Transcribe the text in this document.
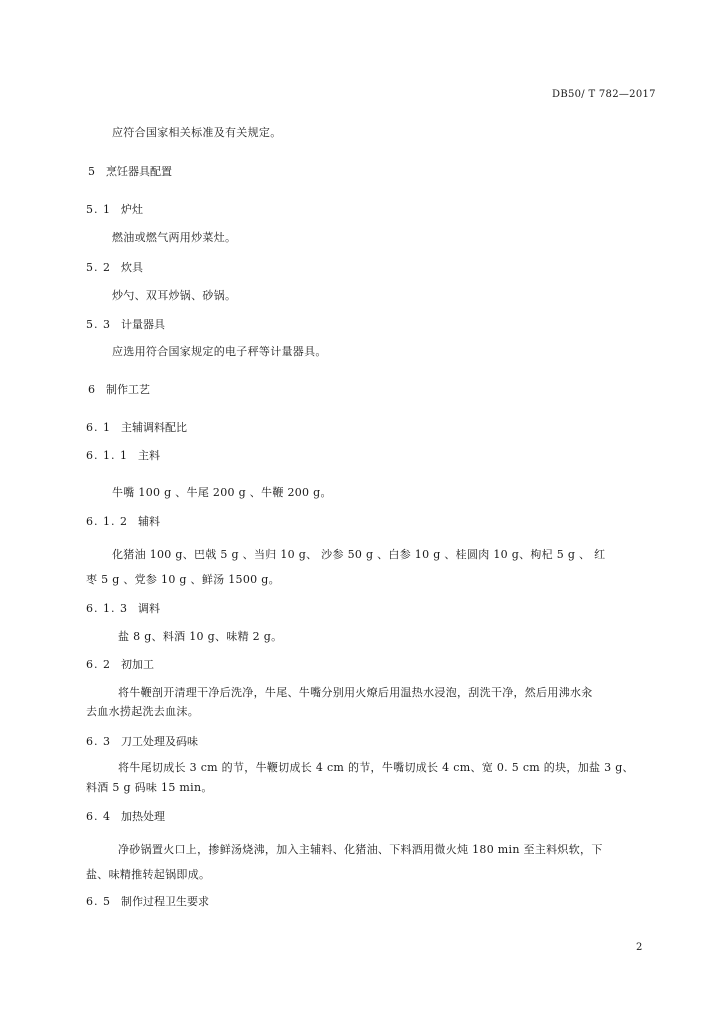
DB50/ T 782—2017
应符合国家相关标准及有关规定。
5 烹饪器具配置
5. 1 炉灶
燃油或燃气两用炒菜灶。
5. 2 炊具
炒勺、双耳炒锅、砂锅。
5. 3 计量器具
应选用符合国家规定的电子秤等计量器具。
6 制作工艺
6. 1 主辅调料配比
6. 1. 1 主料
牛嘴 100 g 、牛尾 200 g 、牛鞭 200 g。
6. 1. 2 辅料
化猪油 100 g、巴戟 5 g 、当归 10 g、 沙参 50 g 、白参 10 g 、桂圆肉 10 g、枸杞 5 g 、 红
枣 5 g 、党参 10 g 、鲜汤 1500 g。
6. 1. 3 调料
盐 8 g、料酒 10 g、味精 2 g。
6. 2 初加工
将牛鞭剖开清理干净后洗净，牛尾、牛嘴分别用火燎后用温热水浸泡，刮洗干净，然后用沸水汆
去血水捞起洗去血沫。
6. 3 刀工处理及码味
将牛尾切成长 3 cm 的节，牛鞭切成长 4 cm 的节，牛嘴切成长 4 cm、宽 0. 5 cm 的块，加盐 3 g、
料酒 5 g 码味 15 min。
6. 4 加热处理
净砂锅置火口上，掺鲜汤烧沸，加入主辅料、化猪油、下料酒用微火炖 180 min 至主料炽软，下
盐、味精推转起锅即成。
6. 5 制作过程卫生要求
2
